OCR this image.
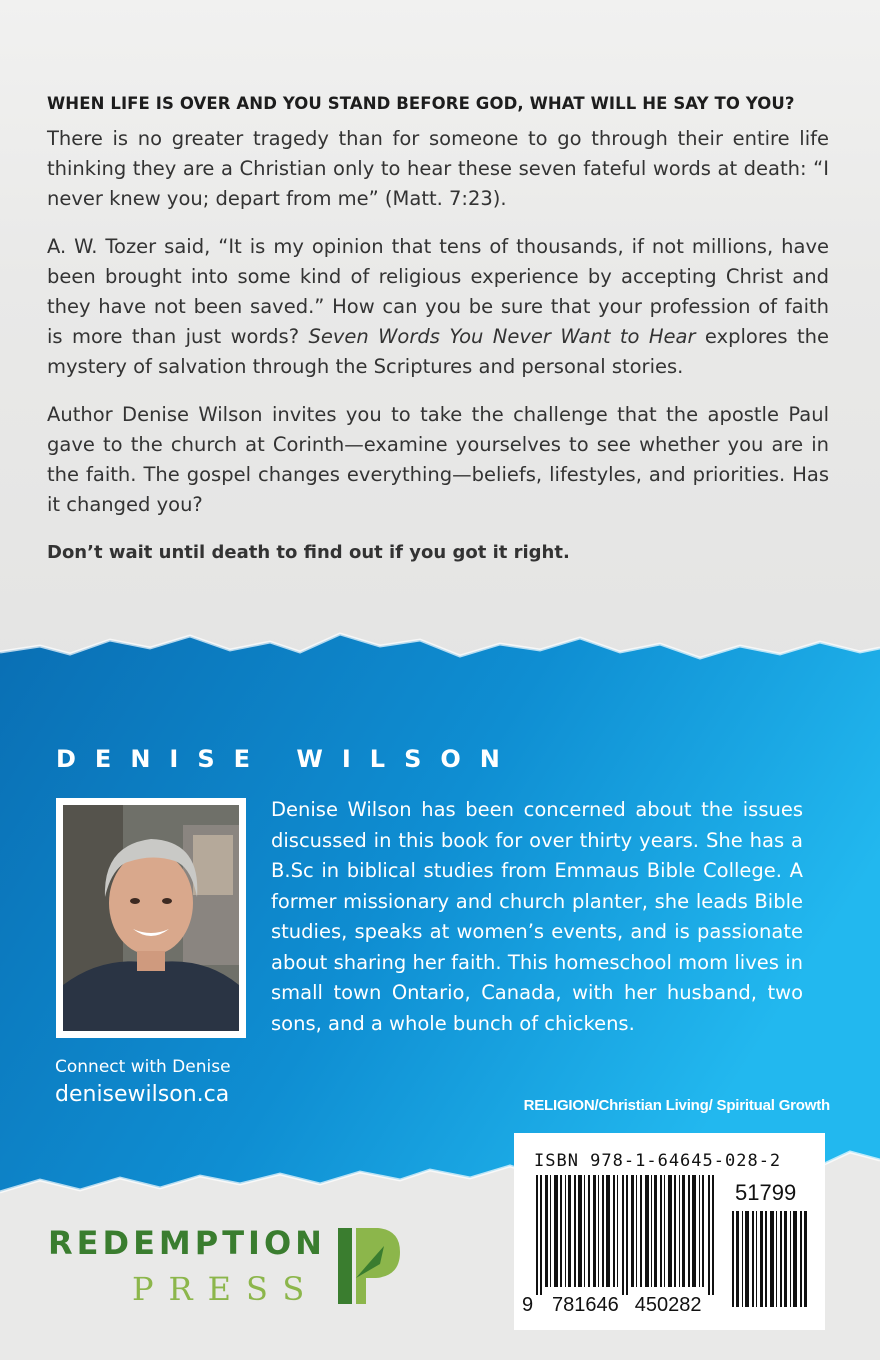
WHEN LIFE IS OVER AND YOU STAND BEFORE GOD, WHAT WILL HE SAY TO YOU?

There is no greater tragedy than for someone to go through their entire life thinking they are a Christian only to hear these seven fateful words at death: “I never knew you; depart from me” (Matt. 7:23).

A. W. Tozer said, “It is my opinion that tens of thousands, if not millions, have been brought into some kind of religious experience by accepting Christ and they have not been saved.” How can you be sure that your profession of faith is more than just words? Seven Words You Never Want to Hear explores the mystery of salvation through the Scriptures and personal stories.

Author Denise Wilson invites you to take the challenge that the apostle Paul gave to the church at Corinth—examine yourselves to see whether you are in the faith. The gospel changes everything—beliefs, lifestyles, and priorities. Has it changed you?

Don’t wait until death to find out if you got it right.

DENISE WILSON
Denise Wilson has been concerned about the issues discussed in this book for over thirty years. She has a B.Sc in biblical studies from Emmaus Bible College. A former missionary and church planter, she leads Bible studies, speaks at women’s events, and is passionate about sharing her faith. This homeschool mom lives in small town Ontario, Canada, with her husband, two sons, and a whole bunch of chickens.
Connect with Denise
denisewilson.ca	RELIGION/Christian Living/ Spiritual Growth
ISBN 978-1-64645-028-2
51799
9 781646 450282
REDEMPTION
PRESS
